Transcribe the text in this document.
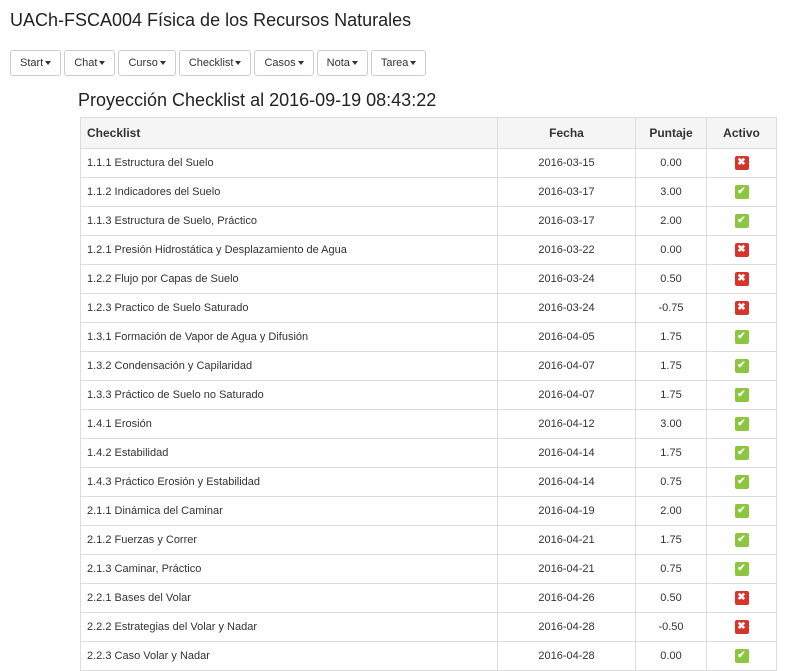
UACh-FSCA004 Física de los Recursos Naturales
Start	Chat	Curso	Checklist	Casos	Nota	Tarea
Proyección Checklist al 2016-09-19 08:43:22
Checklist	Fecha	Puntaje	Activo
1.1.1 Estructura del Suelo	2016-03-15	0.00	✖
1.1.2 Indicadores del Suelo	2016-03-17	3.00	✔
1.1.3 Estructura de Suelo, Práctico	2016-03-17	2.00	✔
1.2.1 Presión Hidrostática y Desplazamiento de Agua	2016-03-22	0.00	✖
1.2.2 Flujo por Capas de Suelo	2016-03-24	0.50	✖
1.2.3 Practico de Suelo Saturado	2016-03-24	-0.75	✖
1.3.1 Formación de Vapor de Agua y Difusión	2016-04-05	1.75	✔
1.3.2 Condensación y Capilaridad	2016-04-07	1.75	✔
1.3.3 Práctico de Suelo no Saturado	2016-04-07	1.75	✔
1.4.1 Erosión	2016-04-12	3.00	✔
1.4.2 Estabilidad	2016-04-14	1.75	✔
1.4.3 Práctico Erosión y Estabilidad	2016-04-14	0.75	✔
2.1.1 Dinámica del Caminar	2016-04-19	2.00	✔
2.1.2 Fuerzas y Correr	2016-04-21	1.75	✔
2.1.3 Caminar, Práctico	2016-04-21	0.75	✔
2.2.1 Bases del Volar	2016-04-26	0.50	✖
2.2.2 Estrategias del Volar y Nadar	2016-04-28	-0.50	✖
2.2.3 Caso Volar y Nadar	2016-04-28	0.00	✔
